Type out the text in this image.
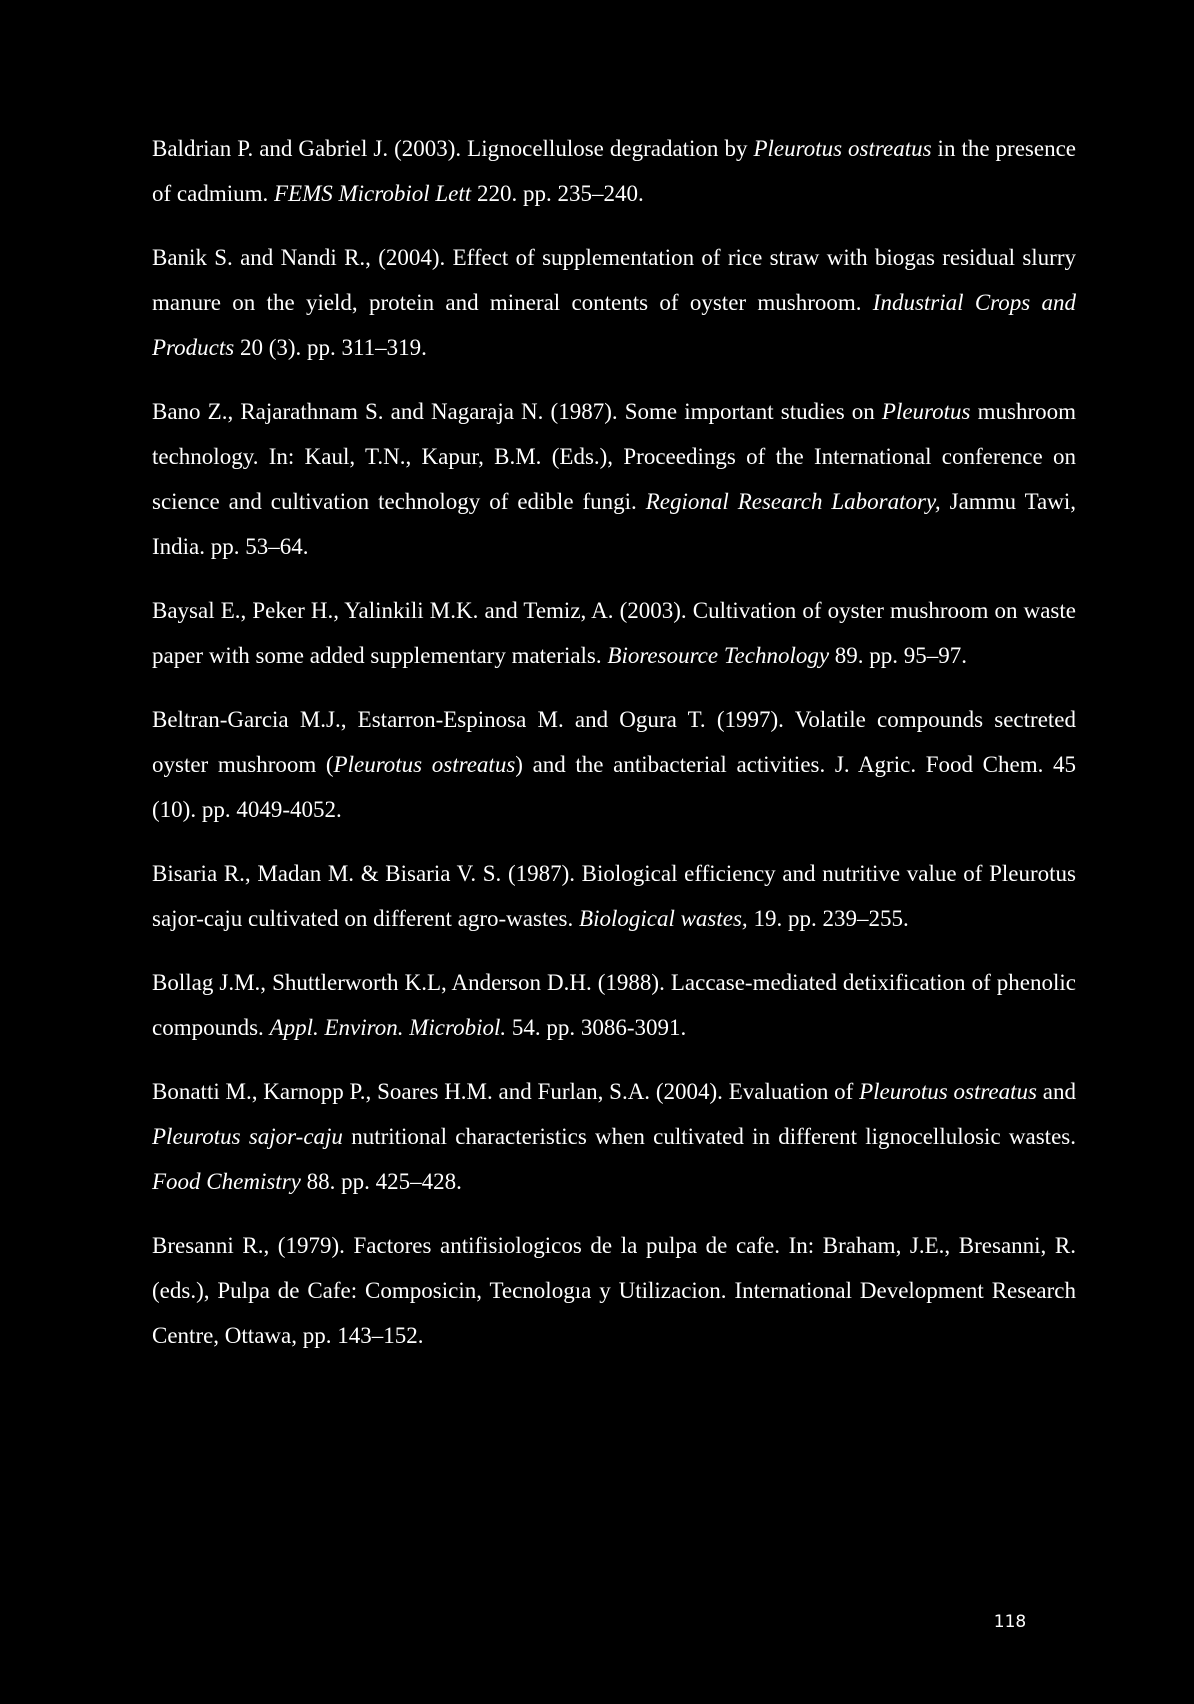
Baldrian P. and Gabriel J. (2003). Lignocellulose degradation by Pleurotus ostreatus in the presence of cadmium. FEMS Microbiol Lett 220. pp. 235–240.

Banik S. and Nandi R., (2004). Effect of supplementation of rice straw with biogas residual slurry manure on the yield, protein and mineral contents of oyster mushroom. Industrial Crops and Products 20 (3). pp. 311–319.

Bano Z., Rajarathnam S. and Nagaraja N. (1987). Some important studies on Pleurotus mushroom technology. In: Kaul, T.N., Kapur, B.M. (Eds.), Proceedings of the International conference on science and cultivation technology of edible fungi. Regional Research Laboratory, Jammu Tawi, India. pp. 53–64.

Baysal E., Peker H., Yalinkili M.K. and Temiz, A. (2003). Cultivation of oyster mushroom on waste paper with some added supplementary materials. Bioresource Technology 89. pp. 95–97.

Beltran-Garcia M.J., Estarron-Espinosa M. and Ogura T. (1997). Volatile compounds sectreted oyster mushroom (Pleurotus ostreatus) and the antibacterial activities. J. Agric. Food Chem. 45 (10). pp. 4049-4052.

Bisaria R., Madan M. & Bisaria V. S. (1987). Biological efficiency and nutritive value of Pleurotus sajor-caju cultivated on different agro-wastes. Biological wastes, 19. pp. 239–255.

Bollag J.M., Shuttlerworth K.L, Anderson D.H. (1988). Laccase-mediated detixification of phenolic compounds. Appl. Environ. Microbiol. 54. pp. 3086-3091.

Bonatti M., Karnopp P., Soares H.M. and Furlan, S.A. (2004). Evaluation of Pleurotus ostreatus and Pleurotus sajor-caju nutritional characteristics when cultivated in different lignocellulosic wastes. Food Chemistry 88. pp. 425–428.

Bresanni R., (1979). Factores antifisiologicos de la pulpa de cafe. In: Braham, J.E., Bresanni, R. (eds.), Pulpa de Cafe: Composicin, Tecnologıa y Utilizacion. International Development Research Centre, Ottawa, pp. 143–152.

118
